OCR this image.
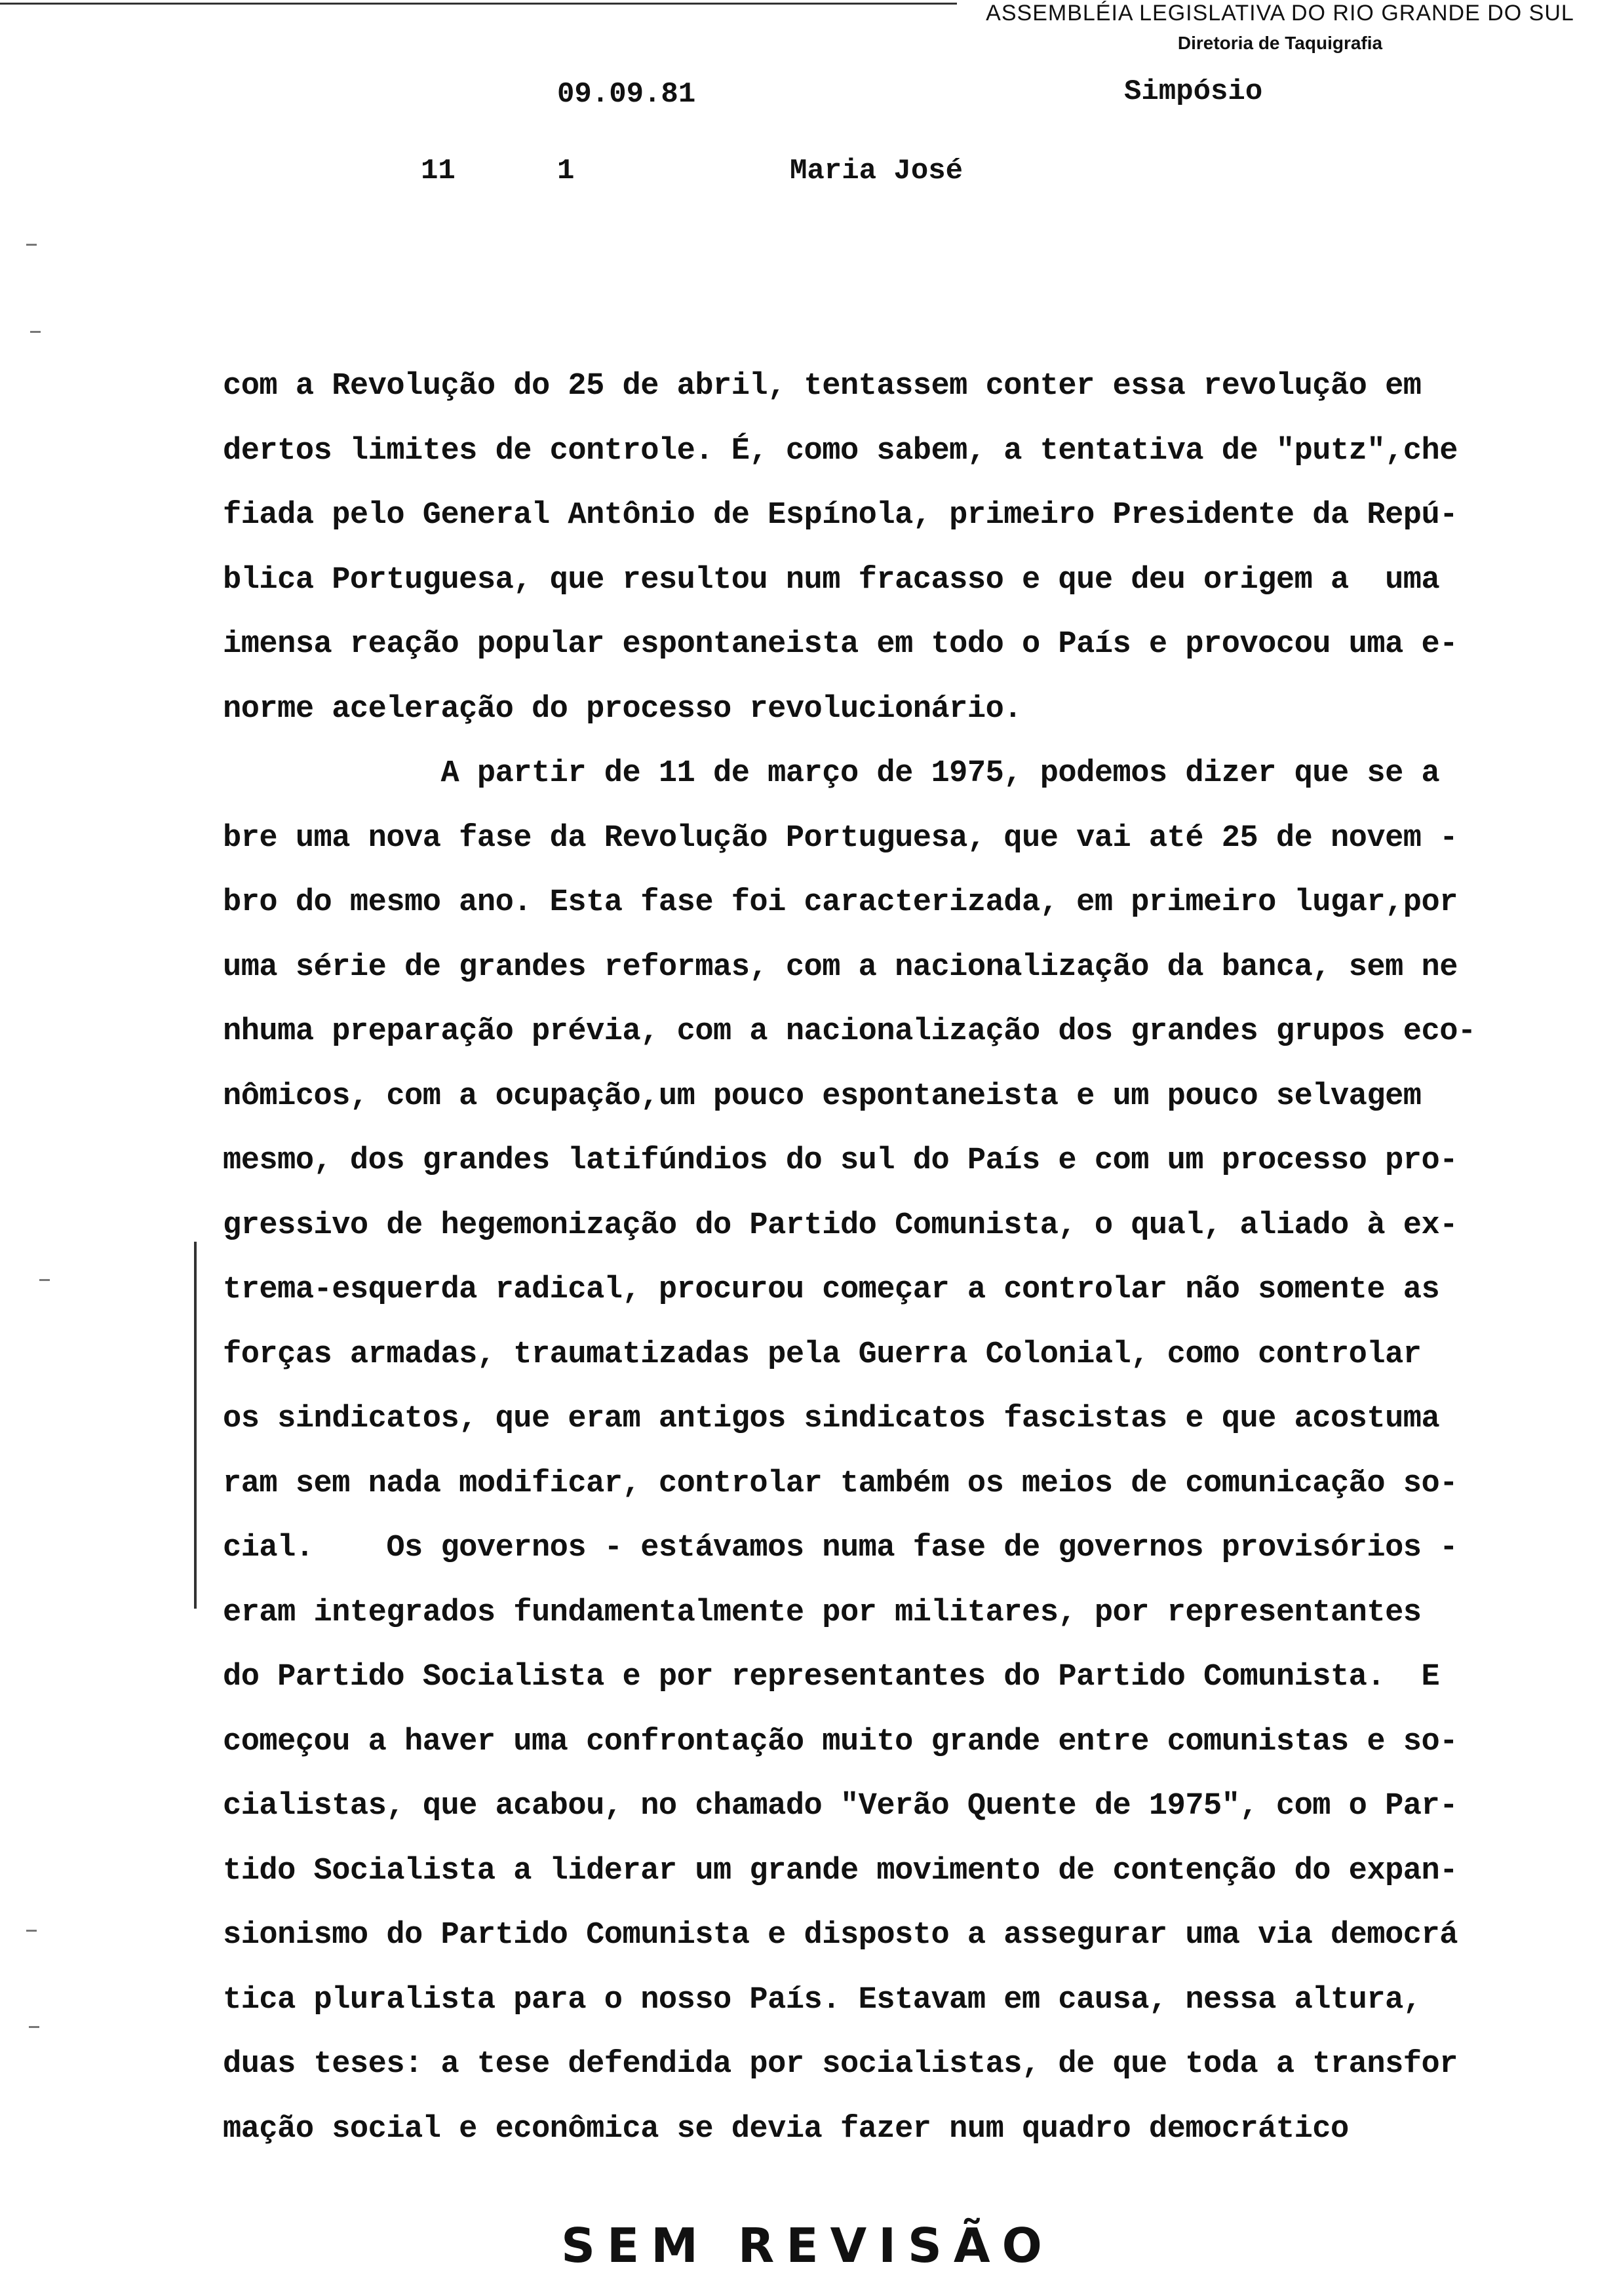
ASSEMBLÉIA LEGISLATIVA DO RIO GRANDE DO SUL
Diretoria de Taquigrafia
09.09.81	Simpósio
11	1	Maria José
com a Revolução do 25 de abril, tentassem conter essa revolução em
dertos limites de controle. É, como sabem, a tentativa de "putz",che
fiada pelo General Antônio de Espínola, primeiro Presidente da Repú-
blica Portuguesa, que resultou num fracasso e que deu origem a  uma
imensa reação popular espontaneista em todo o País e provocou uma e-
norme aceleração do processo revolucionário.
A partir de 11 de março de 1975, podemos dizer que se a
bre uma nova fase da Revolução Portuguesa, que vai até 25 de novem -
bro do mesmo ano. Esta fase foi caracterizada, em primeiro lugar,por
uma série de grandes reformas, com a nacionalização da banca, sem ne
nhuma preparação prévia, com a nacionalização dos grandes grupos eco-
nômicos, com a ocupação,um pouco espontaneista e um pouco selvagem
mesmo, dos grandes latifúndios do sul do País e com um processo pro-
gressivo de hegemonização do Partido Comunista, o qual, aliado à ex-
trema-esquerda radical, procurou começar a controlar não somente as
forças armadas, traumatizadas pela Guerra Colonial, como controlar
os sindicatos, que eram antigos sindicatos fascistas e que acostuma
ram sem nada modificar, controlar também os meios de comunicação so-
cial.    Os governos - estávamos numa fase de governos provisórios -
eram integrados fundamentalmente por militares, por representantes
do Partido Socialista e por representantes do Partido Comunista.  E
começou a haver uma confrontação muito grande entre comunistas e so-
cialistas, que acabou, no chamado "Verão Quente de 1975", com o Par-
tido Socialista a liderar um grande movimento de contenção do expan-
sionismo do Partido Comunista e disposto a assegurar uma via democrá
tica pluralista para o nosso País. Estavam em causa, nessa altura,
duas teses: a tese defendida por socialistas, de que toda a transfor
mação social e econômica se devia fazer num quadro democrático
SEM REVISÃO
